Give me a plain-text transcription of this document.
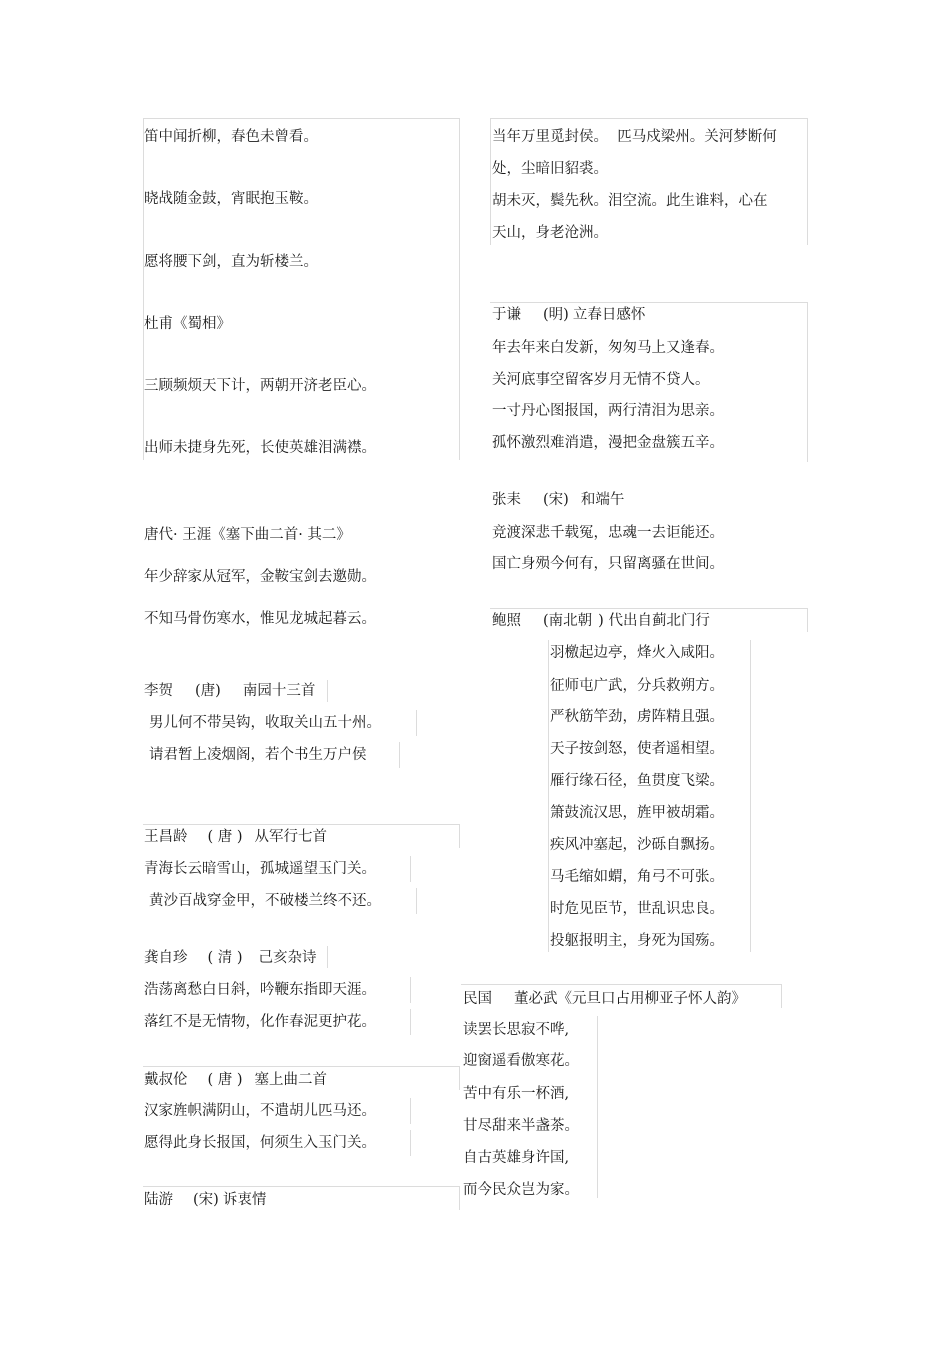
笛中闻折柳，春色未曾看。
晓战随金鼓，宵眠抱玉鞍。
愿将腰下剑，直为斩楼兰。
杜甫《蜀相》
三顾频烦天下计，两朝开济老臣心。
出师未捷身先死，长使英雄泪满襟。
唐代· 王涯《塞下曲二首· 其二》
年少辞家从冠军，金鞍宝剑去邀勋。
不知马骨伤寒水，惟见龙城起暮云。
李贺 (唐) 南园十三首
男儿何不带吴钩，收取关山五十州。
请君暂上凌烟阁，若个书生万户侯
王昌龄 ( 唐 ) 从军行七首
青海长云暗雪山，孤城遥望玉门关。
黄沙百战穿金甲，不破楼兰终不还。
龚自珍 ( 清 ) 己亥杂诗
浩荡离愁白日斜，吟鞭东指即天涯。
落红不是无情物，化作春泥更护花。
戴叔伦 ( 唐 ) 塞上曲二首
汉家旌帜满阴山，不遣胡儿匹马还。
愿得此身长报国，何须生入玉门关。
陆游 (宋) 诉衷情
当年万里觅封侯。  匹马戍梁州。关河梦断何
处，尘暗旧貂裘。
胡未灭，鬓先秋。泪空流。此生谁料，心在
天山，身老沧洲。
于谦 (明) 立春日感怀
年去年来白发新，匆匆马上又逢春。
关河底事空留客岁月无情不贷人。
一寸丹心图报国，两行清泪为思亲。
孤怀激烈难消遣，漫把金盘簇五辛。
张耒 (宋) 和端午
竞渡深悲千载冤，忠魂一去讵能还。
国亡身殒今何有，只留离骚在世间。
鲍照 (南北朝 ) 代出自蓟北门行
羽檄起边亭，烽火入咸阳。
征师屯广武，分兵救朔方。
严秋筋竿劲，虏阵精且强。
天子按剑怒，使者遥相望。
雁行缘石径，鱼贯度飞梁。
箫鼓流汉思，旌甲被胡霜。
疾风冲塞起，沙砾自飘扬。
马毛缩如蝟，角弓不可张。
时危见臣节，世乱识忠良。
投躯报明主，身死为国殇。
民国 董必武《元旦口占用柳亚子怀人韵》
读罢长思寂不哗,
迎窗遥看傲寒花。
苦中有乐一杯酒,
甘尽甜来半盏茶。
自古英雄身许国,
而今民众岂为家。
